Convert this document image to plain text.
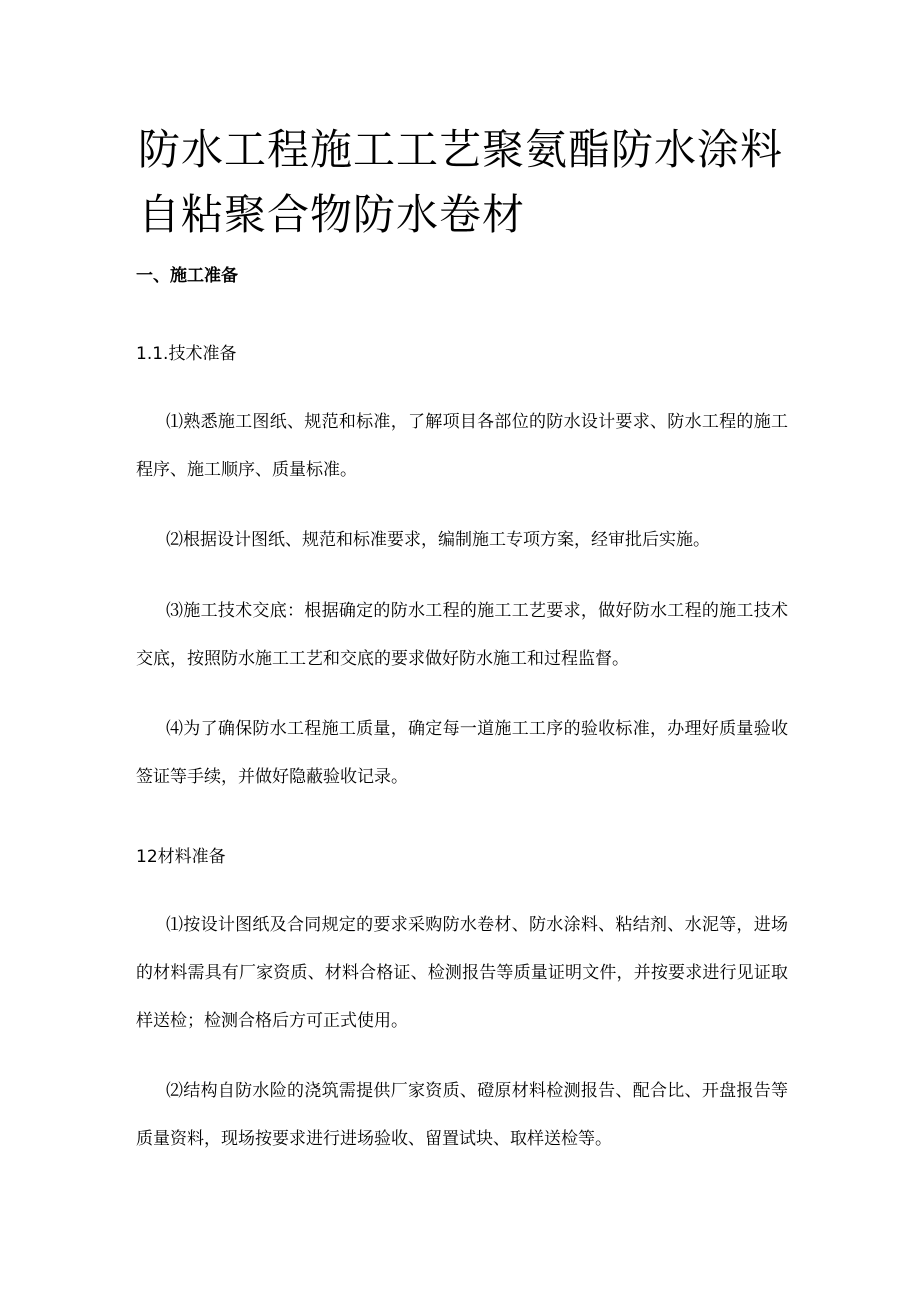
防水工程施工工艺聚氨酯防水涂料
自粘聚合物防水卷材
一、施工准备
1.1.技术准备

⑴熟悉施工图纸、规范和标准，了解项目各部位的防水设计要求、防水工程的施工程序、施工顺序、质量标准。

⑵根据设计图纸、规范和标准要求，编制施工专项方案，经审批后实施。

⑶施工技术交底：根据确定的防水工程的施工工艺要求，做好防水工程的施工技术交底，按照防水施工工艺和交底的要求做好防水施工和过程监督。

⑷为了确保防水工程施工质量，确定每一道施工工序的验收标准，办理好质量验收签证等手续，并做好隐蔽验收记录。

12材料准备

⑴按设计图纸及合同规定的要求采购防水卷材、防水涂料、粘结剂、水泥等，进场的材料需具有厂家资质、材料合格证、检测报告等质量证明文件，并按要求进行见证取样送检；检测合格后方可正式使用。

⑵结构自防水险的浇筑需提供厂家资质、磴原材料检测报告、配合比、开盘报告等质量资料，现场按要求进行进场验收、留置试块、取样送检等。
